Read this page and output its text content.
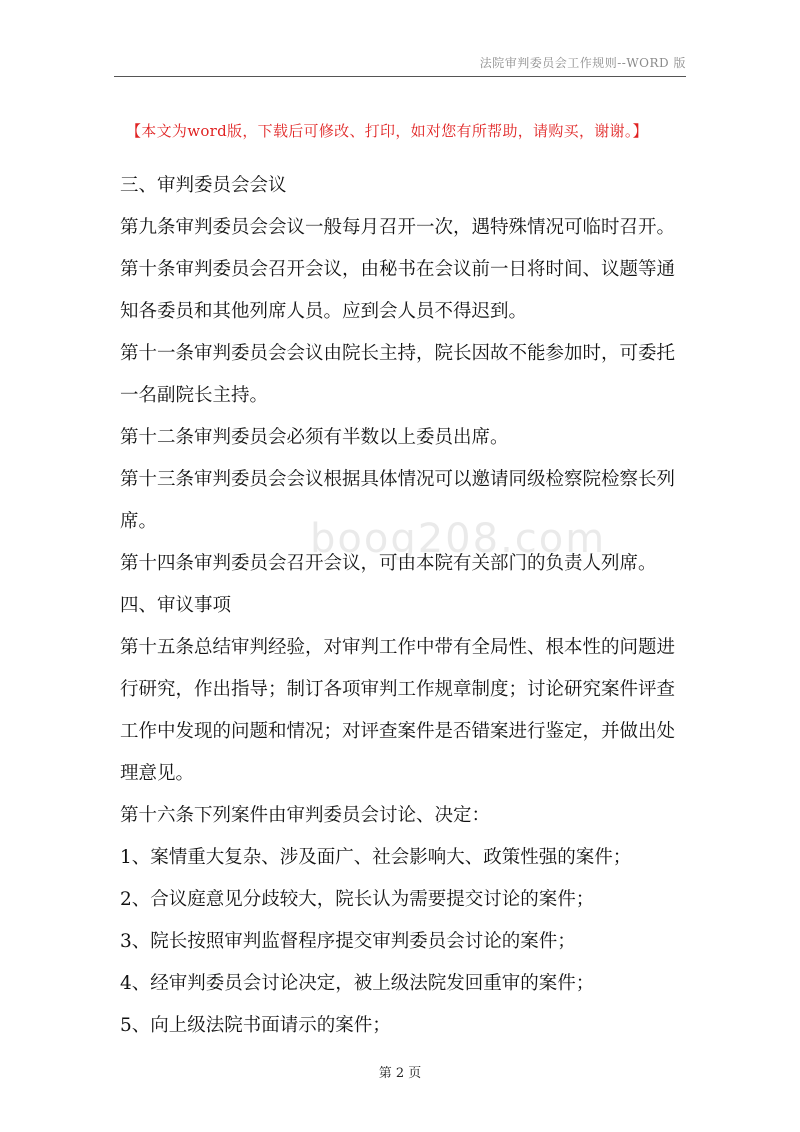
法院审判委员会工作规则--WORD 版
【本文为word版，下载后可修改、打印，如对您有所帮助，请购买，谢谢。】
boog208.com

三、审判委员会会议

第九条审判委员会会议一般每月召开一次，遇特殊情况可临时召开。

第十条审判委员会召开会议，由秘书在会议前一日将时间、议题等通知各委员和其他列席人员。应到会人员不得迟到。

第十一条审判委员会会议由院长主持，院长因故不能参加时，可委托一名副院长主持。

第十二条审判委员会必须有半数以上委员出席。

第十三条审判委员会会议根据具体情况可以邀请同级检察院检察长列席。

第十四条审判委员会召开会议，可由本院有关部门的负责人列席。

四、审议事项

第十五条总结审判经验，对审判工作中带有全局性、根本性的问题进行研究，作出指导；制订各项审判工作规章制度；讨论研究案件评查工作中发现的问题和情况；对评查案件是否错案进行鉴定，并做出处理意见。

第十六条下列案件由审判委员会讨论、决定：

1、案情重大复杂、涉及面广、社会影响大、政策性强的案件；

2、合议庭意见分歧较大，院长认为需要提交讨论的案件；

3、院长按照审判监督程序提交审判委员会讨论的案件；

4、经审判委员会讨论决定，被上级法院发回重审的案件；

5、向上级法院书面请示的案件；

第 2 页
